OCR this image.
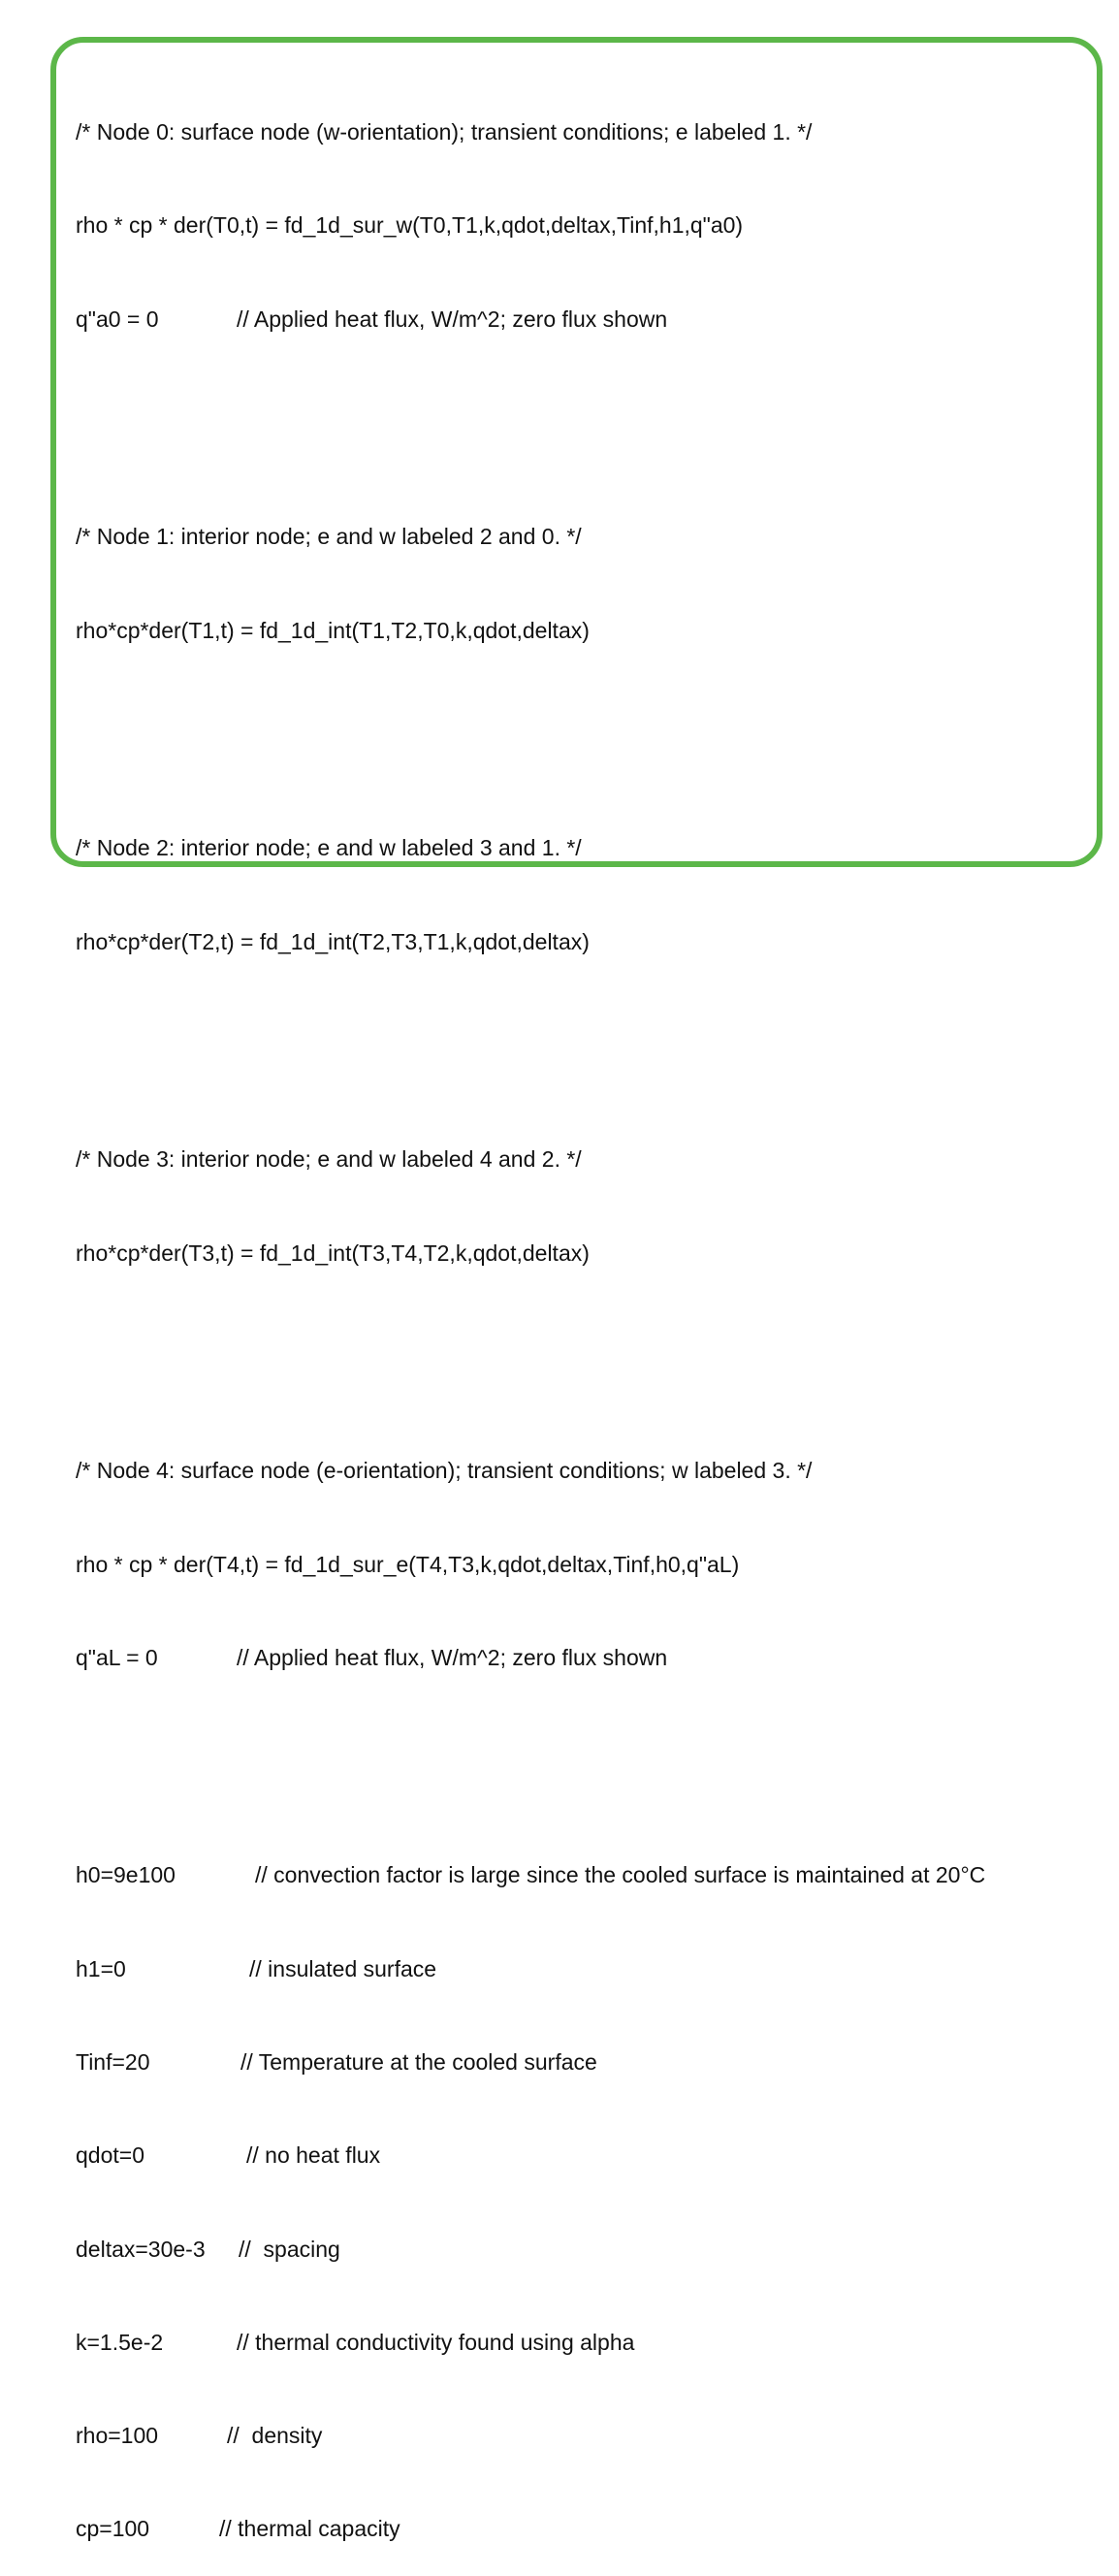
/* Node 0: surface node (w-orientation); transient conditions; e labeled 1. */

rho * cp * der(T0,t) = fd_1d_sur_w(T0,T1,k,qdot,deltax,Tinf,h1,q"a0)

q"a0 = 0	// Applied heat flux, W/m^2; zero flux shown

/* Node 1: interior node; e and w labeled 2 and 0. */

rho*cp*der(T1,t) = fd_1d_int(T1,T2,T0,k,qdot,deltax)

/* Node 2: interior node; e and w labeled 3 and 1. */

rho*cp*der(T2,t) = fd_1d_int(T2,T3,T1,k,qdot,deltax)

/* Node 3: interior node; e and w labeled 4 and 2. */

rho*cp*der(T3,t) = fd_1d_int(T3,T4,T2,k,qdot,deltax)

/* Node 4: surface node (e-orientation); transient conditions; w labeled 3. */

rho * cp * der(T4,t) = fd_1d_sur_e(T4,T3,k,qdot,deltax,Tinf,h0,q"aL)

q"aL = 0	// Applied heat flux, W/m^2; zero flux shown

h0=9e100	// convection factor is large since the cooled surface is maintained at 20°C

h1=0	// insulated surface

Tinf=20	// Temperature at the cooled surface

qdot=0	// no heat flux

deltax=30e-3 //  spacing

k=1.5e-2	// thermal conductivity found using alpha

rho=100	//  density

cp=100	// thermal capacity
